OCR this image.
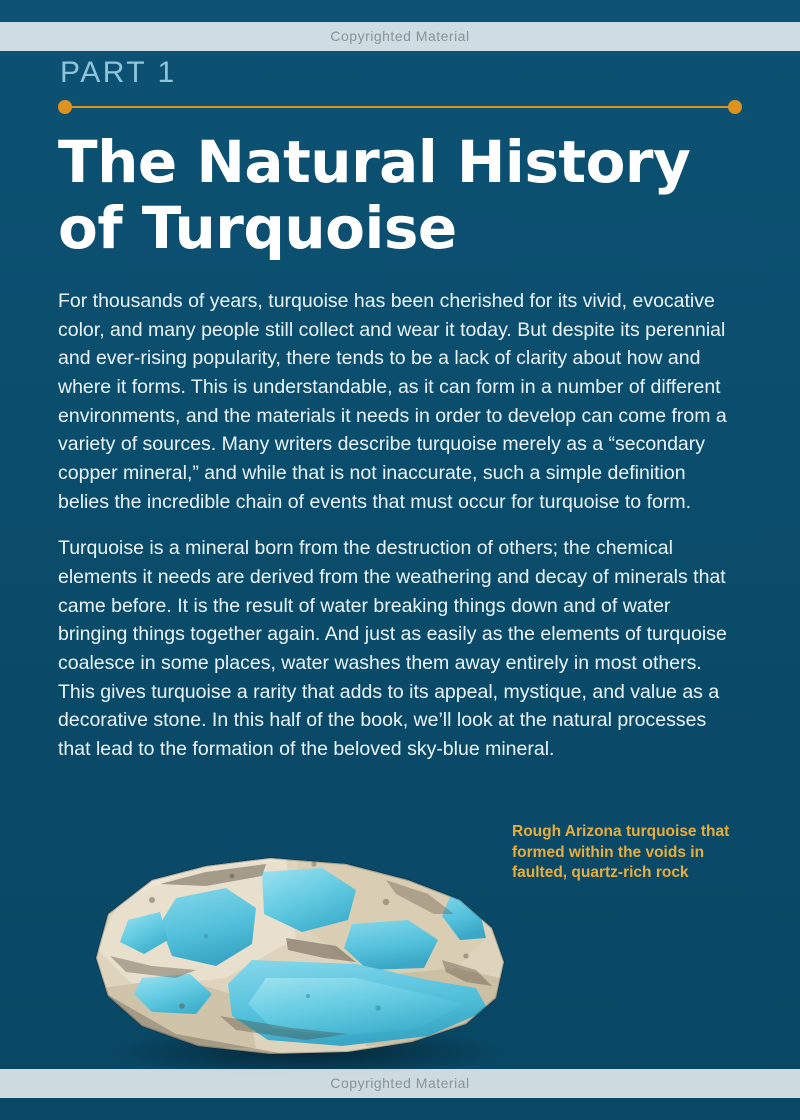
Copyrighted Material
PART 1
The Natural History of Turquoise

For thousands of years, turquoise has been cherished for its vivid, evocative color, and many people still collect and wear it today. But despite its perennial and ever-rising popularity, there tends to be a lack of clarity about how and where it forms. This is understandable, as it can form in a number of different environments, and the materials it needs in order to develop can come from a variety of sources. Many writers describe turquoise merely as a “secondary copper mineral,” and while that is not inaccurate, such a simple definition belies the incredible chain of events that must occur for turquoise to form.

Turquoise is a mineral born from the destruction of others; the chemical elements it needs are derived from the weathering and decay of minerals that came before. It is the result of water breaking things down and of water bringing things together again. And just as easily as the elements of turquoise coalesce in some places, water washes them away entirely in most others. This gives turquoise a rarity that adds to its appeal, mystique, and value as a decorative stone. In this half of the book, we’ll look at the natural processes that lead to the formation of the beloved sky-blue mineral.

Rough Arizona turquoise that formed within the voids in faulted, quartz-rich rock
Copyrighted Material
